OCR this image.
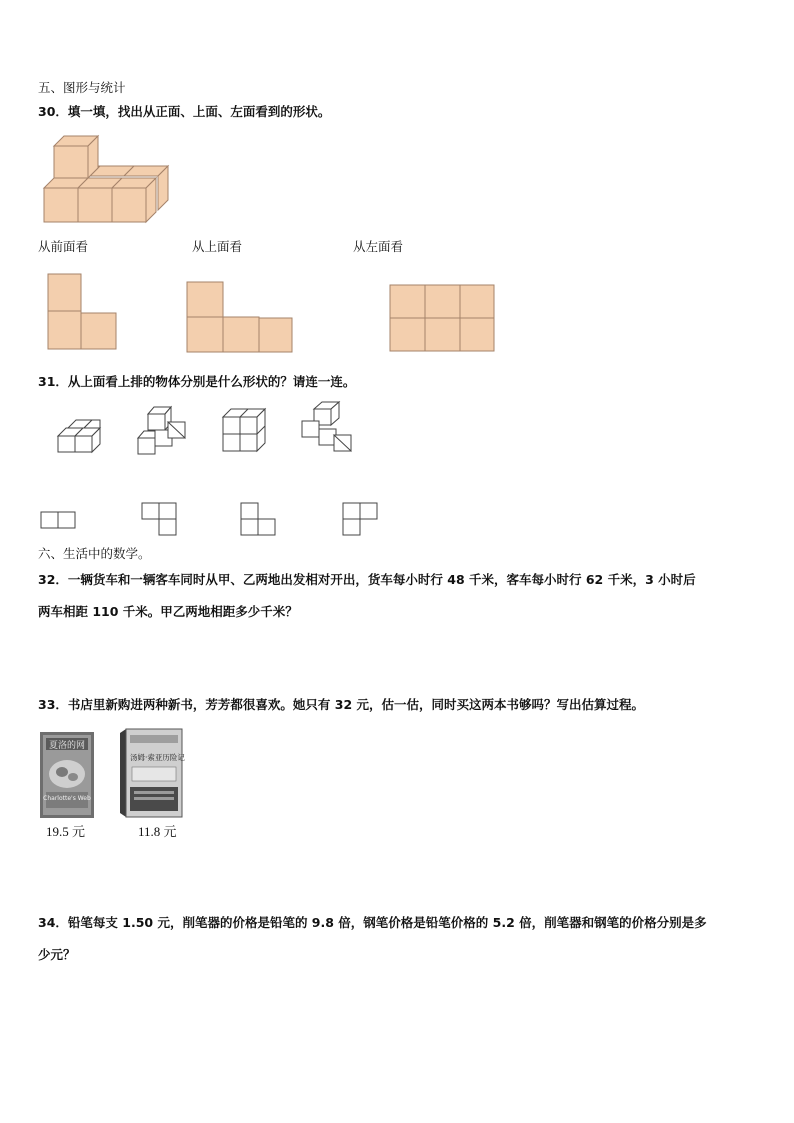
五、图形与统计
30．填一填，找出从正面、上面、左面看到的形状。
从前面看	从上面看	从左面看
31．从上面看上排的物体分别是什么形状的？请连一连。
六、生活中的数学。
32．一辆货车和一辆客车同时从甲、乙两地出发相对开出，货车每小时行 48 千米，客车每小时行 62 千米，3 小时后
两车相距 110 千米。甲乙两地相距多少千米？
33．书店里新购进两种新书，芳芳都很喜欢。她只有 32 元，估一估，同时买这两本书够吗？写出估算过程。
夏洛的网
Charlotte's Web
19.5 元
汤姆·索亚历险记
11.8 元
34．铅笔每支 1.50 元，削笔器的价格是铅笔的 9.8 倍，钢笔价格是铅笔价格的 5.2 倍，削笔器和钢笔的价格分别是多
少元？
